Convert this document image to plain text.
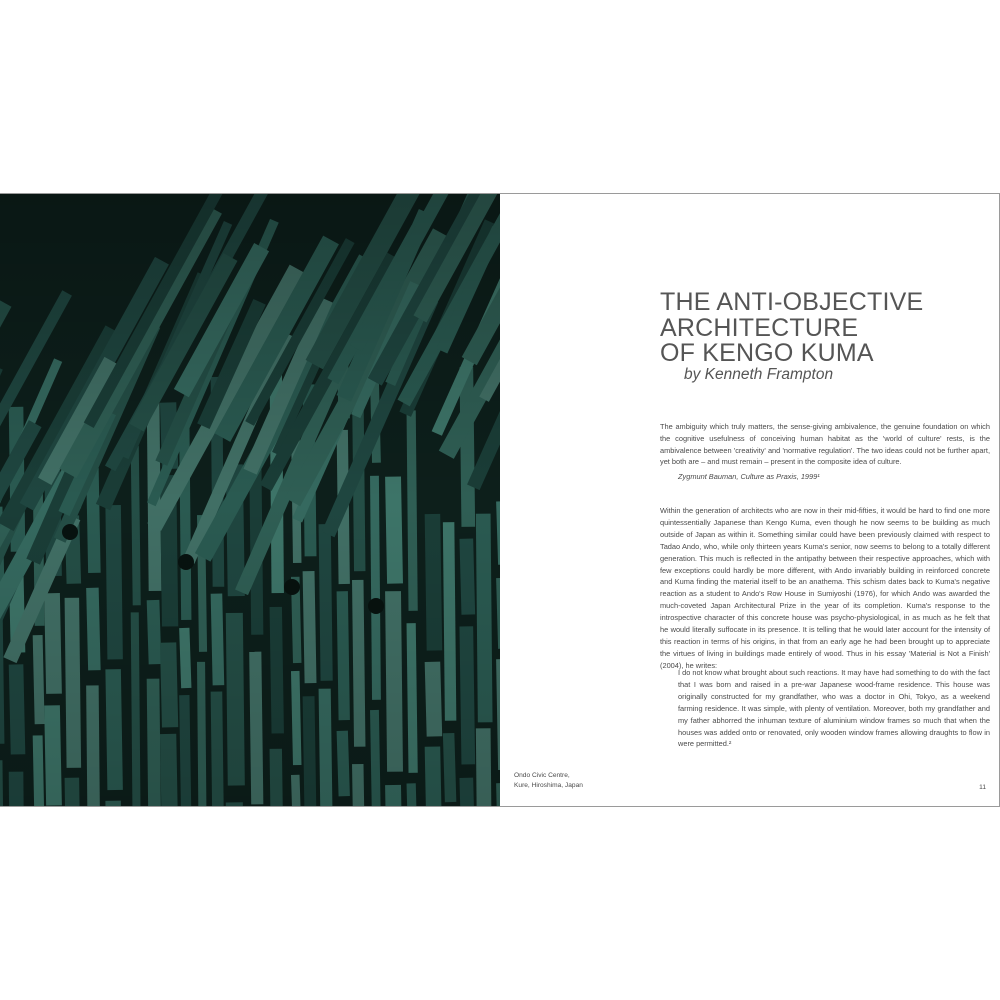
THE ANTI-OBJECTIVE
ARCHITECTURE
OF KENGO KUMA
by Kenneth Frampton

The ambiguity which truly matters, the sense-giving ambivalence, the genuine foundation on which the cognitive usefulness of conceiving human habitat as the 'world of culture' rests, is the ambivalence between 'creativity' and 'normative regulation'. The two ideas could not be further apart, yet both are – and must remain – present in the composite idea of culture.

Zygmunt Bauman, Culture as Praxis, 1999¹

Within the generation of architects who are now in their mid-fifties, it would be hard to find one more quintessentially Japanese than Kengo Kuma, even though he now seems to be building as much outside of Japan as within it. Something similar could have been previously claimed with respect to Tadao Ando, who, while only thirteen years Kuma's senior, now seems to belong to a totally different generation. This much is reflected in the antipathy between their respective approaches, which with few exceptions could hardly be more different, with Ando invariably building in reinforced concrete and Kuma finding the material itself to be an anathema. This schism dates back to Kuma's negative reaction as a student to Ando's Row House in Sumiyoshi (1976), for which Ando was awarded the much-coveted Japan Architectural Prize in the year of its completion. Kuma's response to the introspective character of this concrete house was psycho-physiological, in as much as he felt that he would literally suffocate in its presence. It is telling that he would later account for the intensity of this reaction in terms of his origins, in that from an early age he had been brought up to appreciate the virtues of living in buildings made entirely of wood. Thus in his essay 'Material is Not a Finish' (2004), he writes:

I do not know what brought about such reactions. It may have had something to do with the fact that I was born and raised in a pre-war Japanese wood-frame residence. This house was originally constructed for my grandfather, who was a doctor in Ohi, Tokyo, as a weekend farming residence. It was simple, with plenty of ventilation. Moreover, both my grandfather and my father abhorred the inhuman texture of aluminium window frames so much that when the houses was added onto or renovated, only wooden window frames allowing draughts to flow in were permitted.²

Ondo Civic Centre,
Kure, Hiroshima, Japan	11
